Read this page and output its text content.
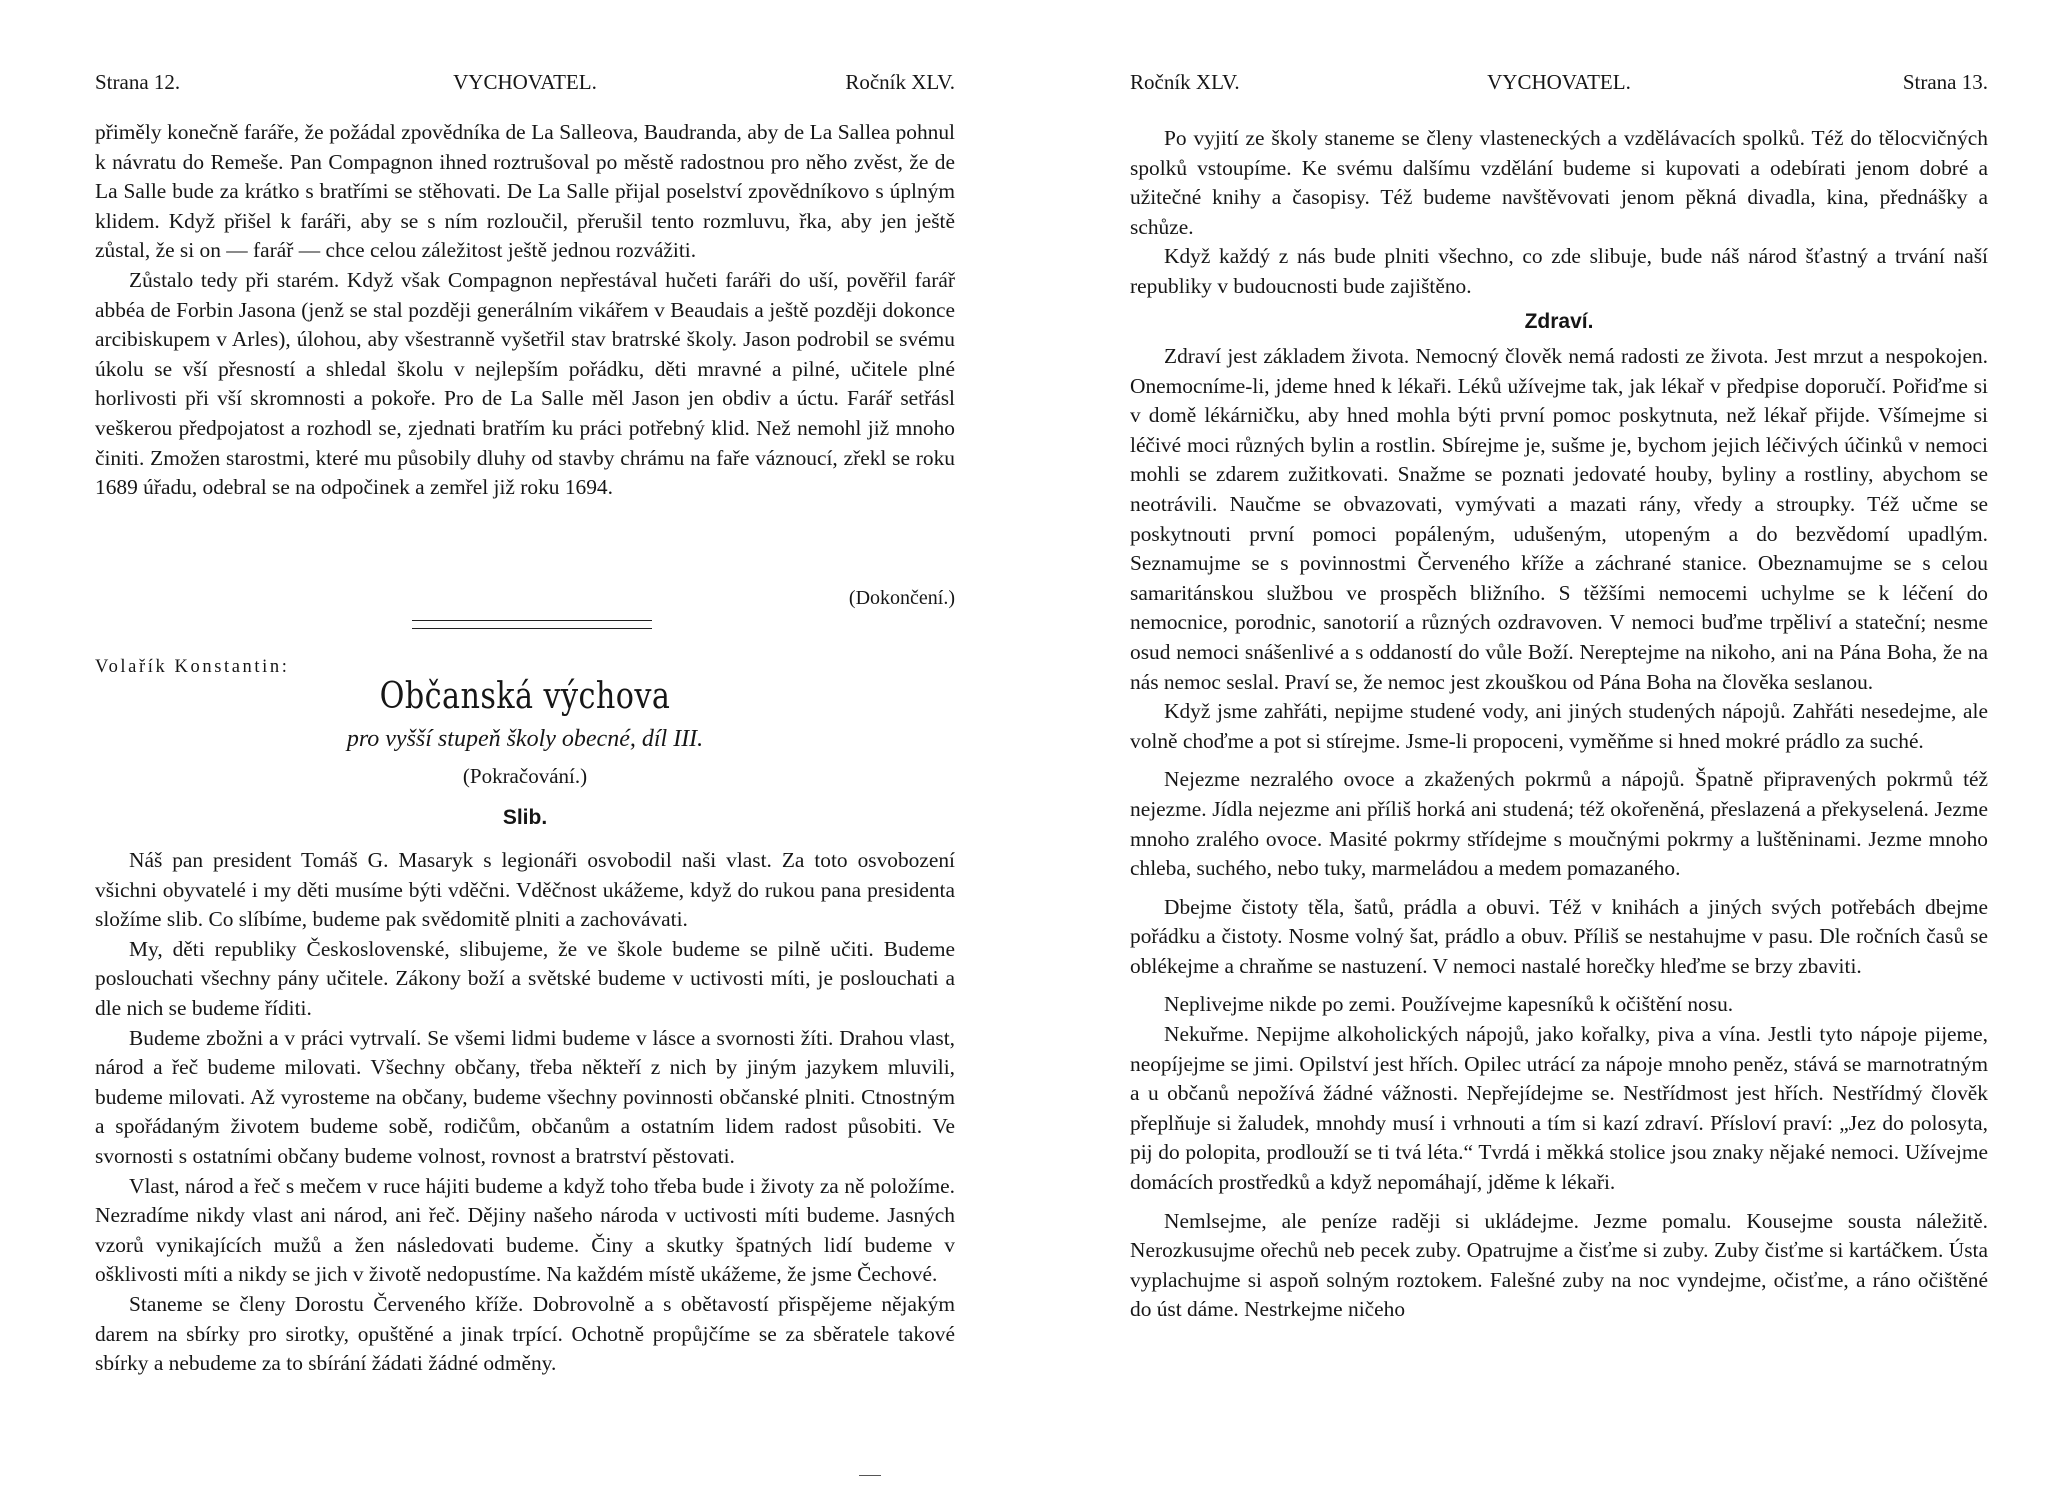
Strana 12.	VYCHOVATEL.	Ročník XLV.

přiměly konečně faráře, že požádal zpovědníka de La Salleova, Baudranda, aby de La Sallea pohnul k návratu do Remeše. Pan Compagnon ihned roztrušoval po městě radostnou pro něho zvěst, že de La Salle bude za krátko s bratřími se stěhovati. De La Salle přijal poselství zpovědníkovo s úplným klidem. Když přišel k faráři, aby se s ním rozloučil, přerušil tento rozmluvu, řka, aby jen ještě zůstal, že si on — farář — chce celou záležitost ještě jednou rozvážiti.

Zůstalo tedy při starém. Když však Compagnon nepřestával hučeti faráři do uší, pověřil farář abbéa de Forbin Jasona (jenž se stal později generálním vikářem v Beaudais a ještě později dokonce arcibiskupem v Arles), úlohou, aby všestranně vyšetřil stav bratrské školy. Jason podrobil se svému úkolu se vší přesností a shledal školu v nejlepším pořádku, děti mravné a pilné, učitele plné horlivosti při vší skromnosti a pokoře. Pro de La Salle měl Jason jen obdiv a úctu. Farář setřásl veškerou předpojatost a rozhodl se, zjednati bratřím ku práci potřebný klid. Než nemohl již mnoho činiti. Zmožen starostmi, které mu působily dluhy od stavby chrámu na faře váznoucí, zřekl se roku 1689 úřadu, odebral se na odpočinek a zemřel již roku 1694.

(Dokončení.)
Volařík Konstantin:
Občanská výchova
pro vyšší stupeň školy obecné, díl III.
(Pokračování.)
Slib.

Náš pan president Tomáš G. Masaryk s legionáři osvobodil naši vlast. Za toto osvobození všichni obyvatelé i my děti musíme býti vděčni. Vděčnost ukážeme, když do rukou pana presidenta složíme slib. Co slíbíme, budeme pak svědomitě plniti a zachovávati.

My, děti republiky Československé, slibujeme, že ve škole budeme se pilně učiti. Budeme poslouchati všechny pány učitele. Zákony boží a světské budeme v uctivosti míti, je poslouchati a dle nich se budeme říditi.

Budeme zbožni a v práci vytrvalí. Se všemi lidmi budeme v lásce a svornosti žíti. Drahou vlast, národ a řeč budeme milovati. Všechny občany, třeba někteří z nich by jiným jazykem mluvili, budeme milovati. Až vyrosteme na občany, budeme všechny povinnosti občanské plniti. Ctnostným a spořádaným životem budeme sobě, rodičům, občanům a ostatním lidem radost působiti. Ve svornosti s ostatními občany budeme volnost, rovnost a bratrství pěstovati.

Vlast, národ a řeč s mečem v ruce hájiti budeme a když toho třeba bude i životy za ně položíme. Nezradíme nikdy vlast ani národ, ani řeč. Dějiny našeho národa v uctivosti míti budeme. Jasných vzorů vynikajících mužů a žen následovati budeme. Činy a skutky špatných lidí budeme v ošklivosti míti a nikdy se jich v životě nedopustíme. Na každém místě ukážeme, že jsme Čechové.

Staneme se členy Dorostu Červeného kříže. Dobrovolně a s obětavostí přispějeme nějakým darem na sbírky pro sirotky, opuštěné a jinak trpící. Ochotně propůjčíme se za sběratele takové sbírky a nebudeme za to sbírání žádati žádné odměny.

Ročník XLV.	VYCHOVATEL.	Strana 13.

Po vyjití ze školy staneme se členy vlasteneckých a vzdělávacích spolků. Též do tělocvičných spolků vstoupíme. Ke svému dalšímu vzdělání budeme si kupovati a odebírati jenom dobré a užitečné knihy a časopisy. Též budeme navštěvovati jenom pěkná divadla, kina, přednášky a schůze.

Když každý z nás bude plniti všechno, co zde slibuje, bude náš národ šťastný a trvání naší republiky v budoucnosti bude zajištěno.

Zdraví.

Zdraví jest základem života. Nemocný člověk nemá radosti ze života. Jest mrzut a nespokojen. Onemocníme-li, jdeme hned k lékaři. Léků užívejme tak, jak lékař v předpise doporučí. Pořiďme si v domě lékárničku, aby hned mohla býti první pomoc poskytnuta, než lékař přijde. Všímejme si léčivé moci různých bylin a rostlin. Sbírejme je, sušme je, bychom jejich léčivých účinků v nemoci mohli se zdarem zužitkovati. Snažme se poznati jedovaté houby, byliny a rostliny, abychom se neotrávili. Naučme se obvazovati, vymývati a mazati rány, vředy a stroupky. Též učme se poskytnouti první pomoci popáleným, udušeným, utopeným a do bezvědomí upadlým. Seznamujme se s povinnostmi Červeného kříže a záchrané stanice. Obeznamujme se s celou samaritánskou službou ve prospěch bližního. S těžšími nemocemi uchylme se k léčení do nemocnice, porodnic, sanotorií a různých ozdravoven. V nemoci buďme trpěliví a stateční; nesme osud nemoci snášenlivé a s oddaností do vůle Boží. Nereptejme na nikoho, ani na Pána Boha, že na nás nemoc seslal. Praví se, že nemoc jest zkouškou od Pána Boha na člověka seslanou.

Když jsme zahřáti, nepijme studené vody, ani jiných studených nápojů. Zahřáti nesedejme, ale volně choďme a pot si stírejme. Jsme-li propoceni, vyměňme si hned mokré prádlo za suché.

Nejezme nezralého ovoce a zkažených pokrmů a nápojů. Špatně připravených pokrmů též nejezme. Jídla nejezme ani příliš horká ani studená; též okořeněná, přeslazená a překyselená. Jezme mnoho zralého ovoce. Masité pokrmy střídejme s moučnými pokrmy a luštěninami. Jezme mnoho chleba, suchého, nebo tuky, marmeládou a medem pomazaného.

Dbejme čistoty těla, šatů, prádla a obuvi. Též v knihách a jiných svých potřebách dbejme pořádku a čistoty. Nosme volný šat, prádlo a obuv. Příliš se nestahujme v pasu. Dle ročních časů se oblékejme a chraňme se nastuzení. V nemoci nastalé horečky hleďme se brzy zbaviti.

Neplivejme nikde po zemi. Používejme kapesníků k očištění nosu.

Nekuřme. Nepijme alkoholických nápojů, jako kořalky, piva a vína. Jestli tyto nápoje pijeme, neopíjejme se jimi. Opilství jest hřích. Opilec utrácí za nápoje mnoho peněz, stává se marnotratným a u občanů nepožívá žádné vážnosti. Nepřejídejme se. Nestřídmost jest hřích. Nestřídmý člověk přeplňuje si žaludek, mnohdy musí i vrhnouti a tím si kazí zdraví. Přísloví praví: „Jez do polosyta, pij do polopita, prodlouží se ti tvá léta.“ Tvrdá i měkká stolice jsou znaky nějaké nemoci. Užívejme domácích prostředků a když nepomáhají, jděme k lékaři.

Nemlsejme, ale peníze raději si ukládejme. Jezme pomalu. Kousejme sousta náležitě. Nerozkusujme ořechů neb pecek zuby. Opatrujme a čisťme si zuby. Zuby čisťme si kartáčkem. Ústa vyplachujme si aspoň solným roztokem. Falešné zuby na noc vyndejme, očisťme, a ráno očištěné do úst dáme. Nestrkejme ničeho
